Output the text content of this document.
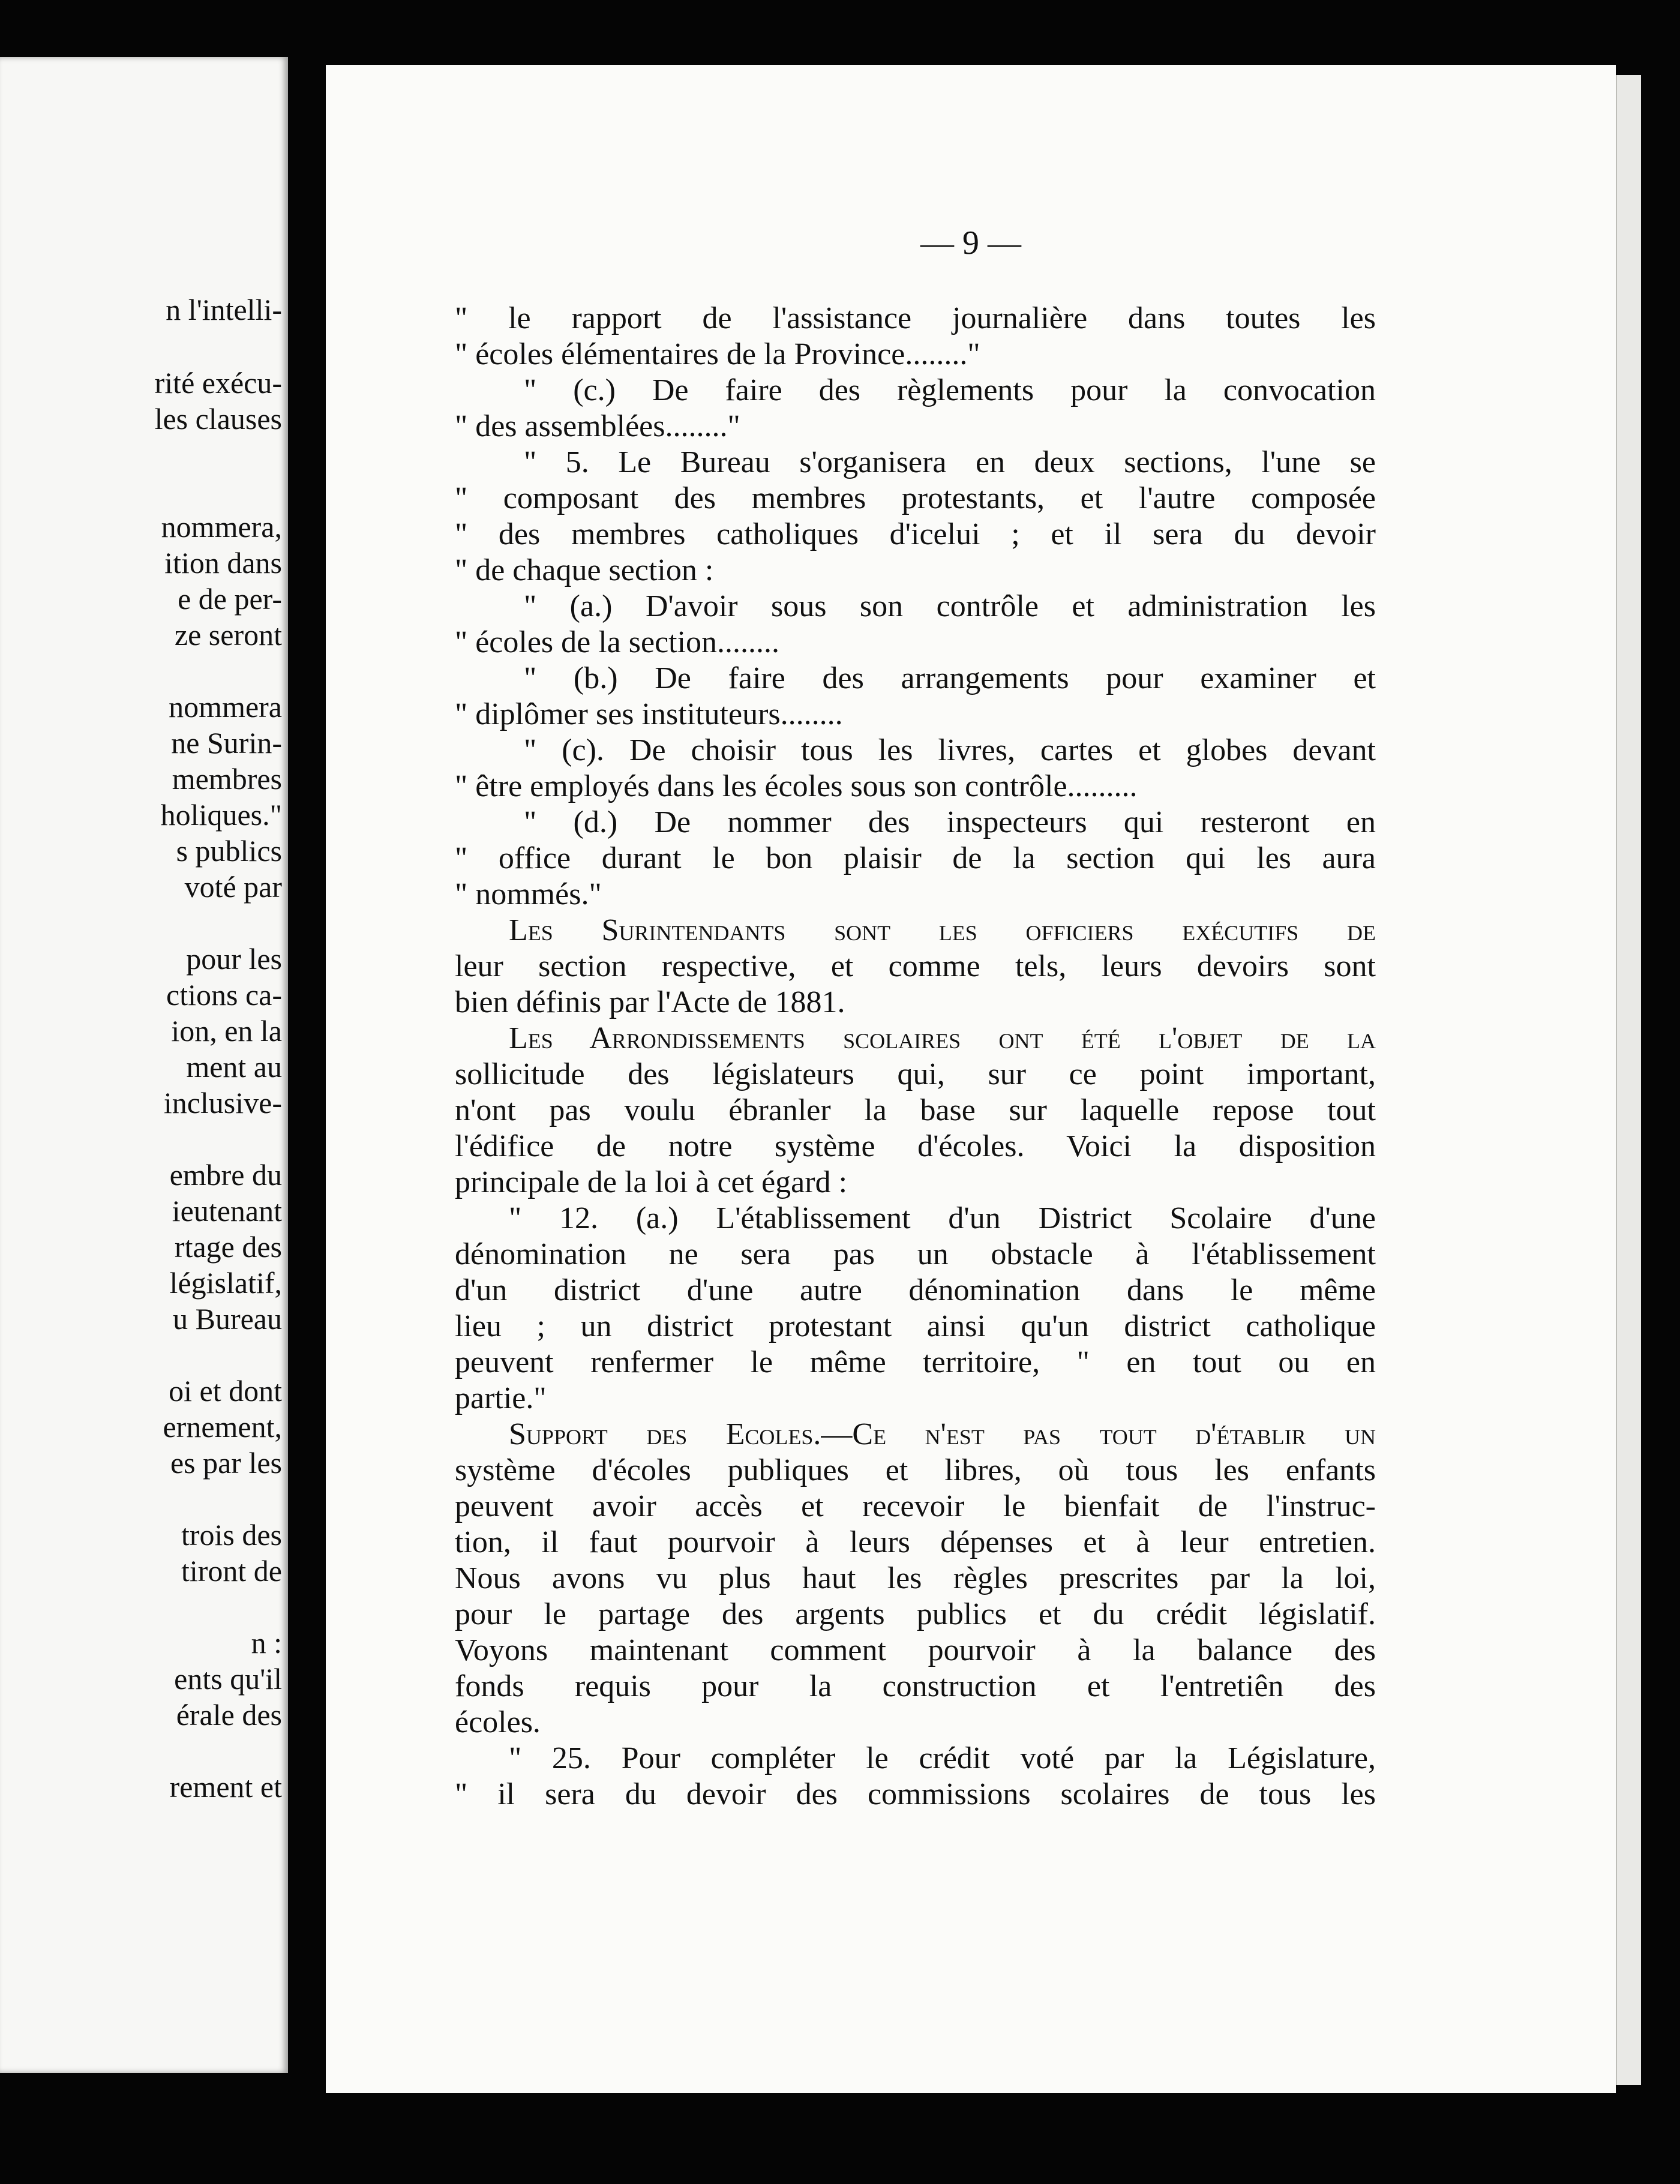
n l'intelli-
rité exécu-
les clauses
nommera,
ition dans
e de per-
ze seront
nommera
ne Surin-
membres
holiques."
s publics
voté par
pour les
ctions ca-
ion, en la
ment au
inclusive-
embre du
ieutenant
rtage des
législatif,
u Bureau
oi et dont
ernement,
es par les
trois des
tiront de
n :
ents qu'il
érale des
rement et
— 9 —
" le rapport de l'assistance journalière dans toutes les
" écoles élémentaires de la Province........"
" (c.) De faire des règlements pour la convocation
" des assemblées........"
" 5. Le Bureau s'organisera en deux sections, l'une se
" composant des membres protestants, et l'autre composée
" des membres catholiques d'icelui ; et il sera du devoir
" de chaque section :
" (a.) D'avoir sous son contrôle et administration les
" écoles de la section........
" (b.) De faire des arrangements pour examiner et
" diplômer ses instituteurs........
" (c). De choisir tous les livres, cartes et globes devant
" être employés dans les écoles sous son contrôle.........
" (d.) De nommer des inspecteurs qui resteront en
" office durant le bon plaisir de la section qui les aura
" nommés."
Les Surintendants sont les officiers exécutifs de
leur section respective, et comme tels, leurs devoirs sont
bien définis par l'Acte de 1881.
Les Arrondissements scolaires ont été l'objet de la
sollicitude des législateurs qui, sur ce point important,
n'ont pas voulu ébranler la base sur laquelle repose tout
l'édifice de notre système d'écoles. Voici la disposition
principale de la loi à cet égard :
" 12. (a.) L'établissement d'un District Scolaire d'une
dénomination ne sera pas un obstacle à l'établissement
d'un district d'une autre dénomination dans le même
lieu ; un district protestant ainsi qu'un district catholique
peuvent renfermer le même territoire, " en tout ou en
partie."
Support des Ecoles.—Ce n'est pas tout d'établir un
système d'écoles publiques et libres, où tous les enfants
peuvent avoir accès et recevoir le bienfait de l'instruc-
tion, il faut pourvoir à leurs dépenses et à leur entretien.
Nous avons vu plus haut les règles prescrites par la loi,
pour le partage des argents publics et du crédit législatif.
Voyons maintenant comment pourvoir à la balance des
fonds requis pour la construction et l'entretiên des
écoles.
" 25. Pour compléter le crédit voté par la Législature,
" il sera du devoir des commissions scolaires de tous les
